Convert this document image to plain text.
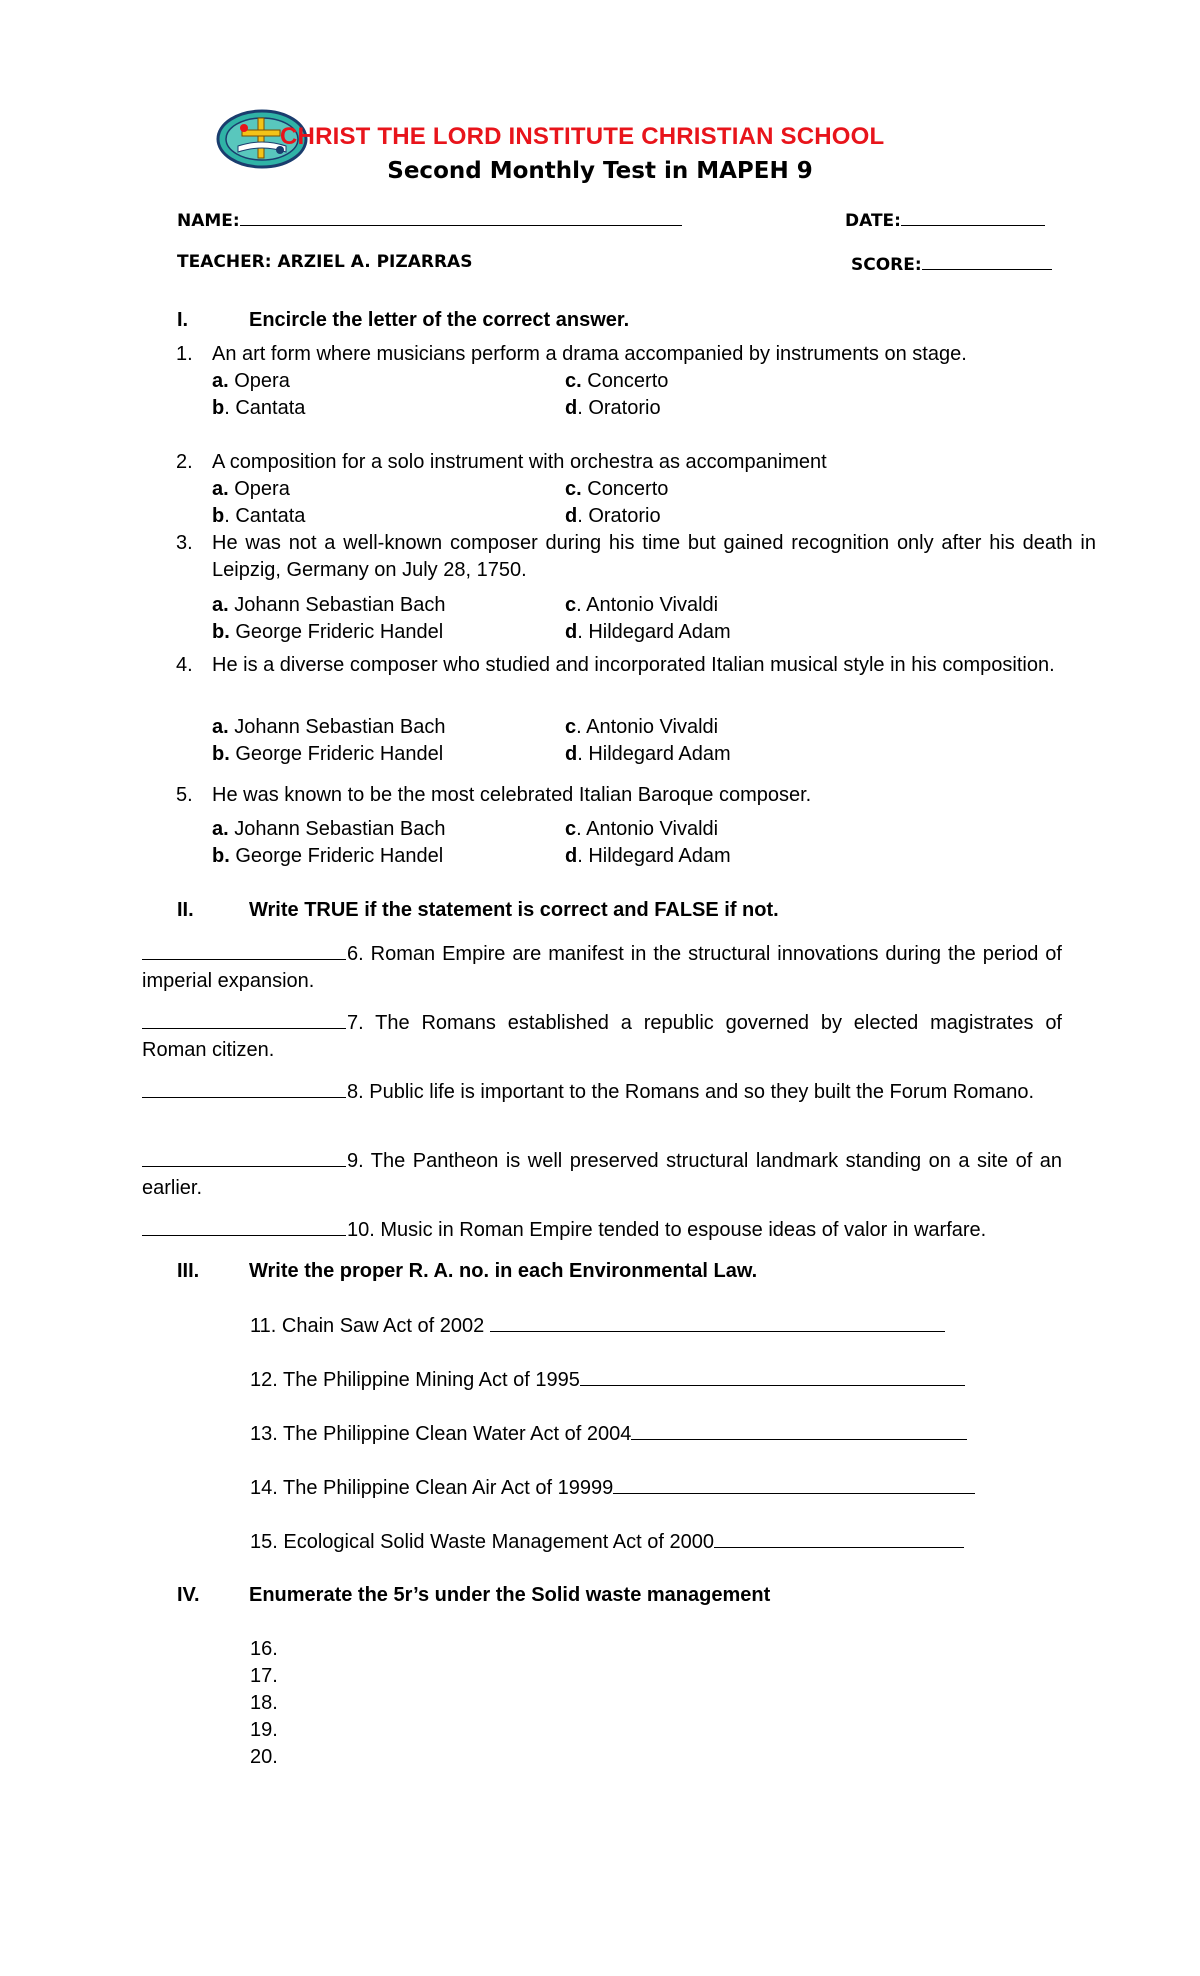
CHRIST THE LORD INSTITUTE CHRISTIAN SCHOOL
Second Monthly Test in MAPEH 9
NAME:	DATE:
TEACHER: ARZIEL A. PIZARRAS	SCORE:
I.	Encircle the letter of the correct answer.
1. An art form where musicians perform a drama accompanied by instruments on stage.
a. Opera	c. Concerto
b. Cantata	d. Oratorio
2. A composition for a solo instrument with orchestra as accompaniment
a. Opera	c. Concerto
b. Cantata	d. Oratorio
3. He was not a well-known composer during his time but gained recognition only after his death in Leipzig, Germany on July 28, 1750.
a. Johann Sebastian Bach	c. Antonio Vivaldi
b. George Frideric Handel	d. Hildegard Adam
4. He is a diverse composer who studied and incorporated Italian musical style in his composition.
a. Johann Sebastian Bach	c. Antonio Vivaldi
b. George Frideric Handel	d. Hildegard Adam
5. He was known to be the most celebrated Italian Baroque composer.
a. Johann Sebastian Bach	c. Antonio Vivaldi
b. George Frideric Handel	d. Hildegard Adam
II.	Write TRUE if the statement is correct and FALSE if not.
6. Roman Empire are manifest in the structural innovations during the period of imperial expansion.
7. The Romans established a republic governed by elected magistrates of Roman citizen.
8. Public life is important to the Romans and so they built the Forum Romano.
9. The Pantheon is well preserved structural landmark standing on a site of an earlier.
10. Music in Roman Empire tended to espouse ideas of valor in warfare.
III. Write the proper R. A. no. in each Environmental Law.
11. Chain Saw Act of 2002
12. The Philippine Mining Act of 1995
13. The Philippine Clean Water Act of 2004
14. The Philippine Clean Air Act of 19999
15. Ecological Solid Waste Management Act of 2000
IV. Enumerate the 5r’s under the Solid waste management
16.
17.
18.
19.
20.
